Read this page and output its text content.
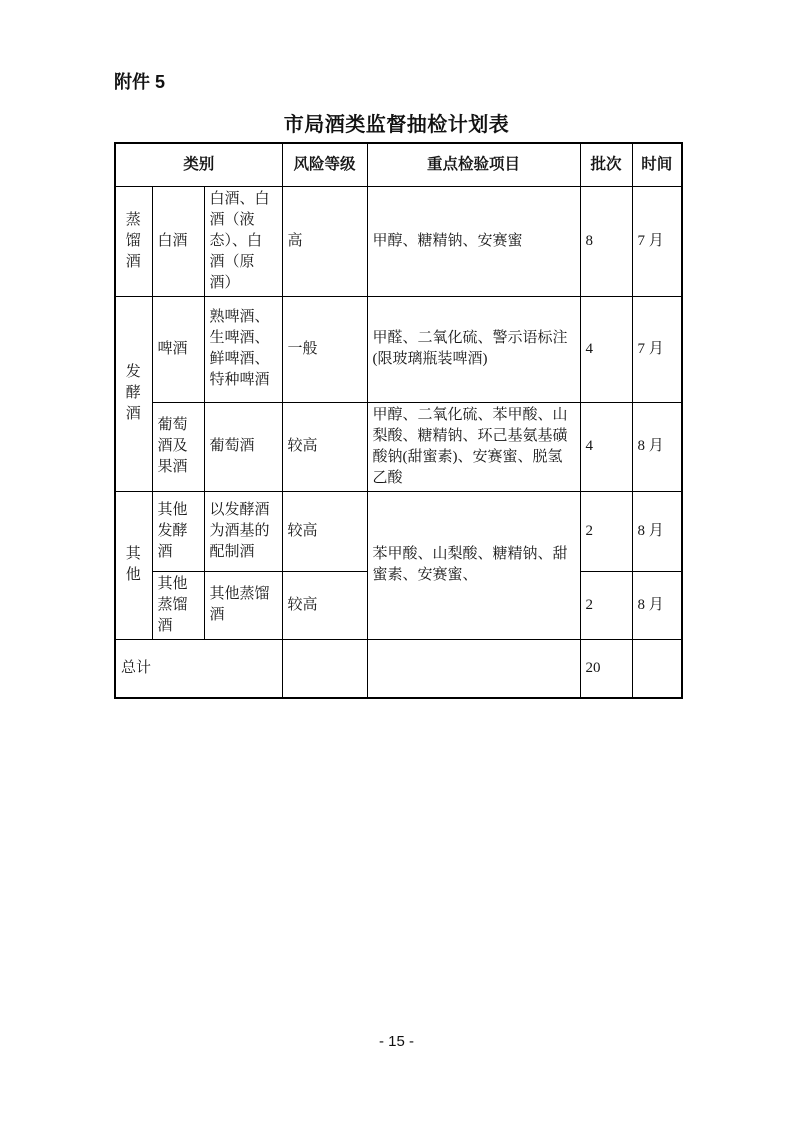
附件 5
市局酒类监督抽检计划表
类别			风险等级	重点检验项目	批次	时间

蒸馏酒	白酒	白酒、白酒（液态）、白酒（原酒）	高	甲醇、糖精钠、安赛蜜	8	7 月

发酵酒	啤酒	熟啤酒、生啤酒、鲜啤酒、特种啤酒	一般	甲醛、二氧化硫、警示语标注(限玻璃瓶装啤酒)	4	7 月
	葡萄酒及果酒	葡萄酒	较高	甲醇、二氧化硫、苯甲酸、山梨酸、糖精钠、环己基氨基磺酸钠(甜蜜素)、安赛蜜、脱氢乙酸	4	8 月

其他	其他发酵酒	以发酵酒为酒基的配制酒	较高	苯甲酸、山梨酸、糖精钠、甜蜜素、安赛蜜、	2	8 月
	其他蒸馏酒	其他蒸馏酒	较高		2	8 月
总计					20	
- 15 -
